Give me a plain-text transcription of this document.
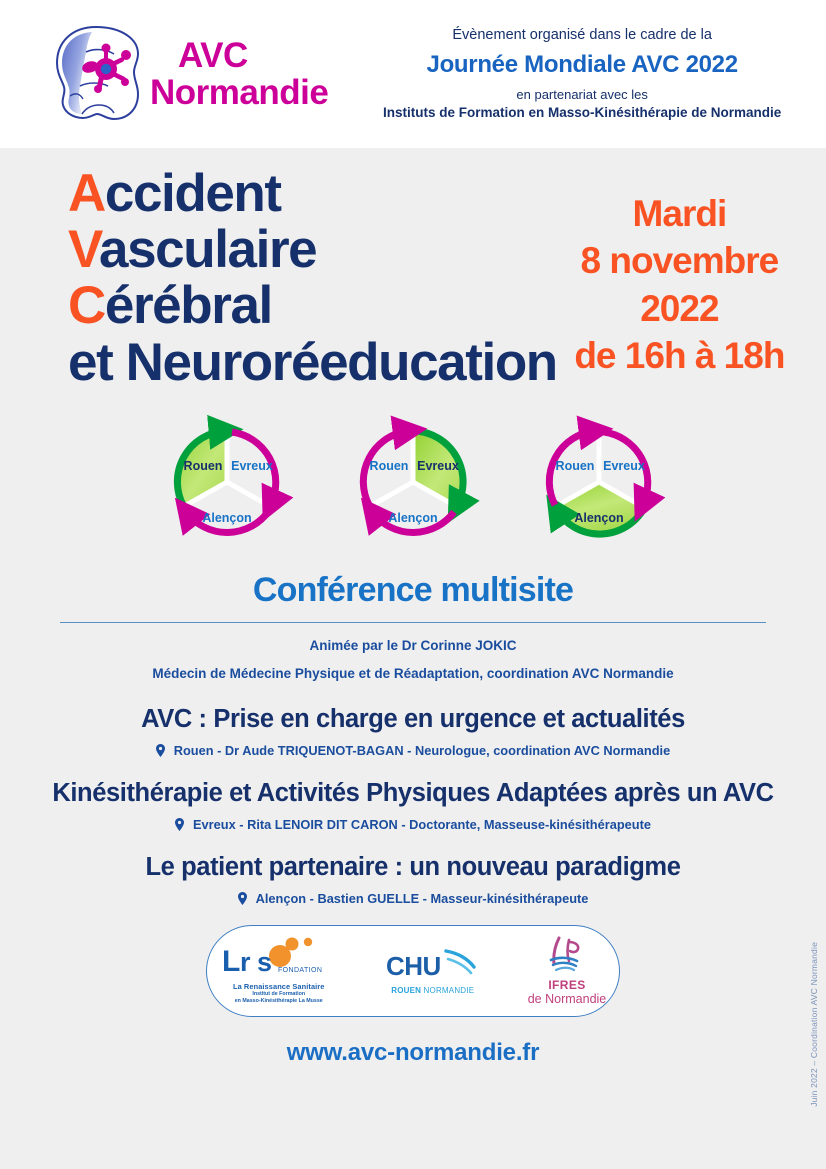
AVC
Normandie
Évènement organisé dans le cadre de la
Journée Mondiale AVC 2022
en partenariat avec les
Instituts de Formation en Masso-Kinésithérapie de Normandie
Accident
Vasculaire
Cérébral
et Neuroréeducation
Mardi
8 novembre 2022
de 16h à 18h
Rouen Evreux
Alençon
Rouen Evreux
Alençon
Rouen Evreux
Alençon
Conférence multisite
Animée par le Dr Corinne JOKIC
Médecin de Médecine Physique et de Réadaptation, coordination AVC Normandie
AVC : Prise en charge en urgence et actualités
Rouen - Dr Aude TRIQUENOT-BAGAN - Neurologue, coordination AVC Normandie
Kinésithérapie et Activités Physiques Adaptées après un AVC
Evreux - Rita LENOIR DIT CARON - Doctorante, Masseuse-kinésithérapeute
Le patient partenaire : un nouveau paradigme
Alençon - Bastien GUELLE - Masseur-kinésithérapeute
L r s FONDATION
La Renaissance Sanitaire
Institut de Formation
en Masso-Kinésithérapie La Musse
CHU
ROUEN NORMANDIE	IFRES
de Normandie
www.avc-normandie.fr	Juin 2022 – Coordination AVC Normandie
